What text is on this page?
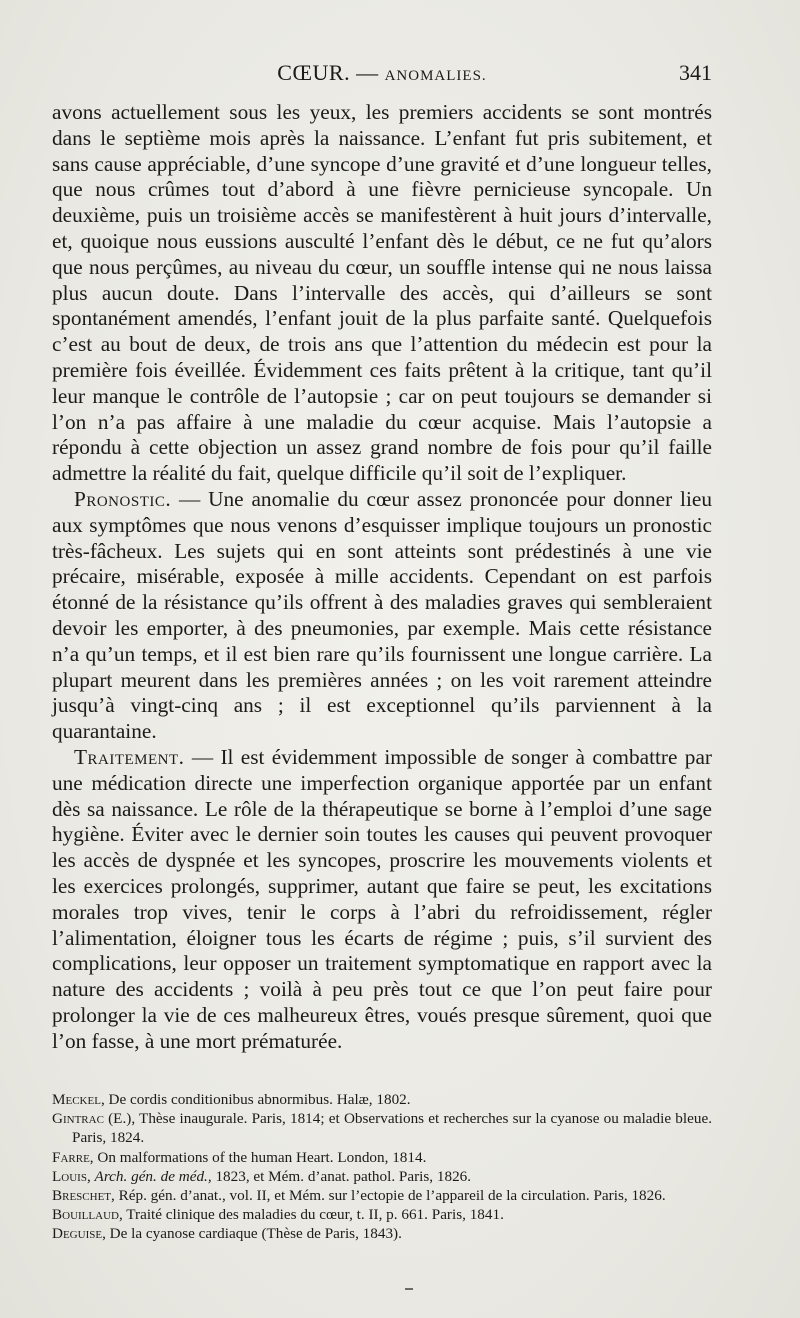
CŒUR. — ANOMALIES.	341

avons actuellement sous les yeux, les premiers accidents se sont montrés dans le septième mois après la naissance. L’enfant fut pris subitement, et sans cause appréciable, d’une syncope d’une gravité et d’une longueur telles, que nous crûmes tout d’abord à une fièvre pernicieuse syncopale. Un deuxième, puis un troisième accès se manifestèrent à huit jours d’intervalle, et, quoique nous eussions ausculté l’enfant dès le début, ce ne fut qu’alors que nous perçûmes, au niveau du cœur, un souffle intense qui ne nous laissa plus aucun doute. Dans l’intervalle des accès, qui d’ailleurs se sont spontanément amendés, l’enfant jouit de la plus parfaite santé. Quelquefois c’est au bout de deux, de trois ans que l’attention du médecin est pour la première fois éveillée. Évidemment ces faits prêtent à la critique, tant qu’il leur manque le contrôle de l’autopsie ; car on peut toujours se demander si l’on n’a pas affaire à une maladie du cœur acquise. Mais l’autopsie a répondu à cette objection un assez grand nombre de fois pour qu’il faille admettre la réalité du fait, quelque difficile qu’il soit de l’expliquer.

Pronostic. — Une anomalie du cœur assez prononcée pour donner lieu aux symptômes que nous venons d’esquisser implique toujours un pronostic très-fâcheux. Les sujets qui en sont atteints sont prédestinés à une vie précaire, misérable, exposée à mille accidents. Cependant on est parfois étonné de la résistance qu’ils offrent à des maladies graves qui sembleraient devoir les emporter, à des pneumonies, par exemple. Mais cette résistance n’a qu’un temps, et il est bien rare qu’ils fournissent une longue carrière. La plupart meurent dans les premières années ; on les voit rarement atteindre jusqu’à vingt-cinq ans ; il est exceptionnel qu’ils parviennent à la quarantaine.

Traitement. — Il est évidemment impossible de songer à combattre par une médication directe une imperfection organique apportée par un enfant dès sa naissance. Le rôle de la thérapeutique se borne à l’emploi d’une sage hygiène. Éviter avec le dernier soin toutes les causes qui peuvent provoquer les accès de dyspnée et les syncopes, proscrire les mouvements violents et les exercices prolongés, supprimer, autant que faire se peut, les excitations morales trop vives, tenir le corps à l’abri du refroidissement, régler l’alimentation, éloigner tous les écarts de régime ; puis, s’il survient des complications, leur opposer un traitement symptomatique en rapport avec la nature des accidents ; voilà à peu près tout ce que l’on peut faire pour prolonger la vie de ces malheureux êtres, voués presque sûrement, quoi que l’on fasse, à une mort prématurée.

Meckel, De cordis conditionibus abnormibus. Halæ, 1802.

Gintrac (E.), Thèse inaugurale. Paris, 1814; et Observations et recherches sur la cyanose ou maladie bleue. Paris, 1824.

Farre, On malformations of the human Heart. London, 1814.

Louis, Arch. gén. de méd., 1823, et Mém. d’anat. pathol. Paris, 1826.

Breschet, Rép. gén. d’anat., vol. II, et Mém. sur l’ectopie de l’appareil de la circulation. Paris, 1826.

Bouillaud, Traité clinique des maladies du cœur, t. II, p. 661. Paris, 1841.

Deguise, De la cyanose cardiaque (Thèse de Paris, 1843).
